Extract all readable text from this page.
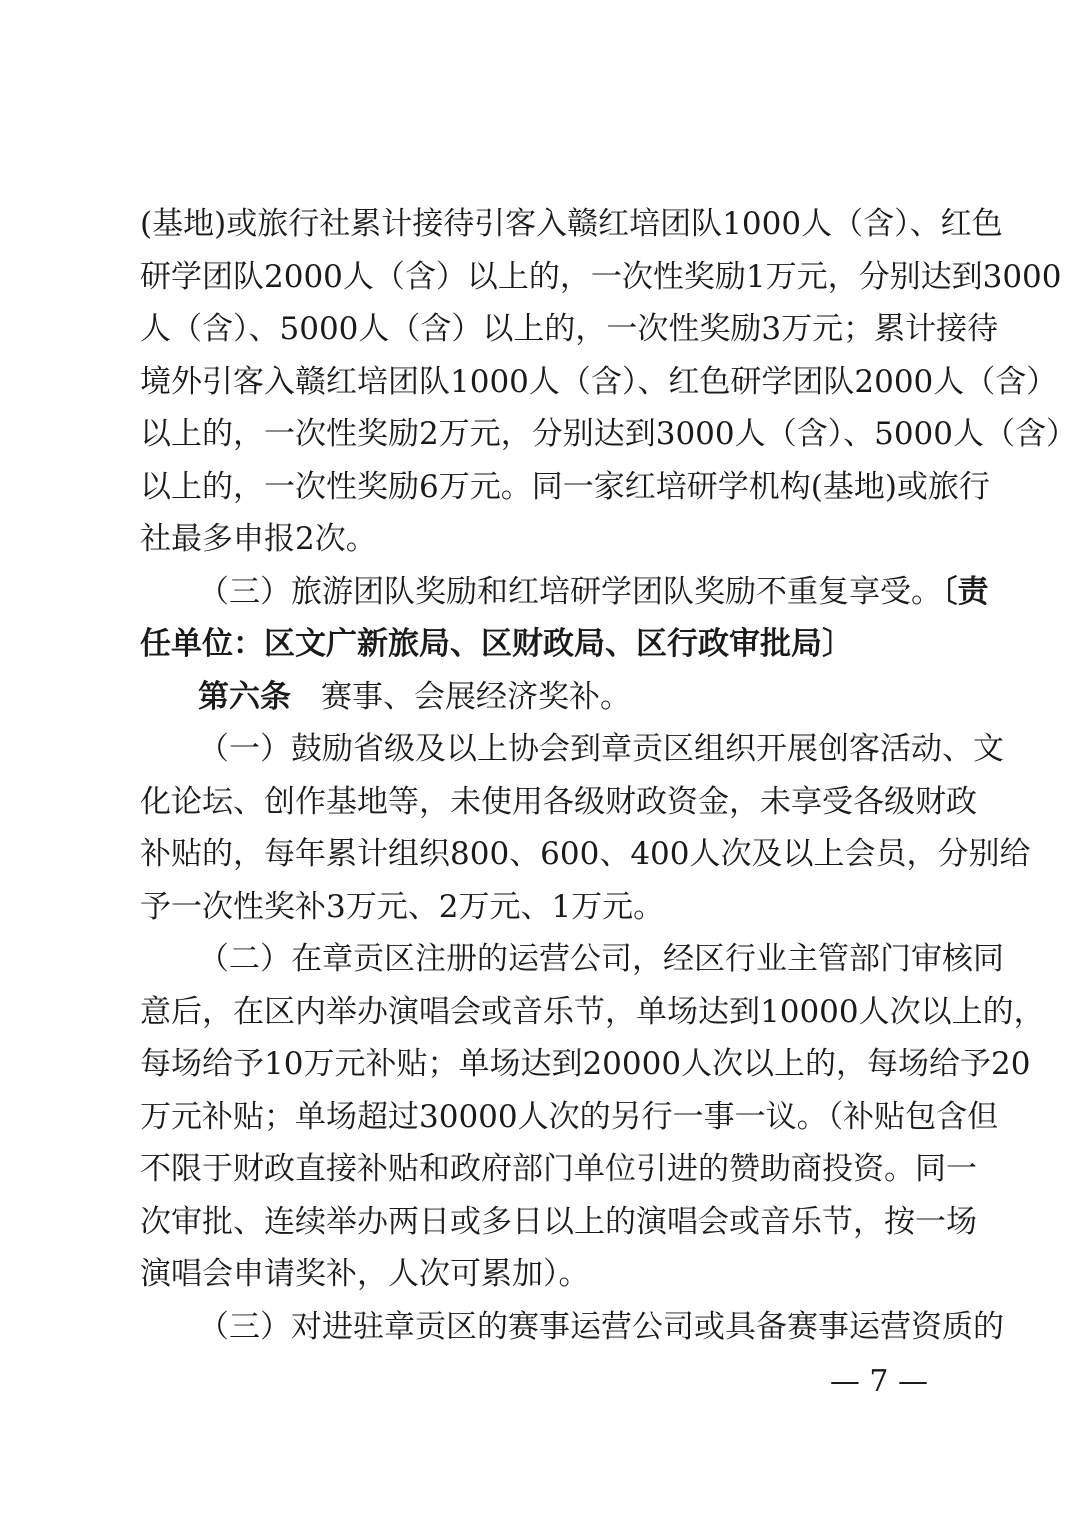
(基地)或旅行社累计接待引客入赣红培团队1000人（含）、红色
研学团队2000人（含）以上的，一次性奖励1万元，分别达到3000
人（含）、5000人（含）以上的，一次性奖励3万元；累计接待
境外引客入赣红培团队1000人（含）、红色研学团队2000人（含）
以上的，一次性奖励2万元，分别达到3000人（含）、5000人（含）
以上的，一次性奖励6万元。同一家红培研学机构(基地)或旅行
社最多申报2次。
（三）旅游团队奖励和红培研学团队奖励不重复享受。〔责
任单位：区文广新旅局、区财政局、区行政审批局〕
第六条 赛事、会展经济奖补。
（一）鼓励省级及以上协会到章贡区组织开展创客活动、文
化论坛、创作基地等，未使用各级财政资金，未享受各级财政
补贴的，每年累计组织800、600、400人次及以上会员，分别给
予一次性奖补3万元、2万元、1万元。
（二）在章贡区注册的运营公司，经区行业主管部门审核同
意后，在区内举办演唱会或音乐节，单场达到10000人次以上的，
每场给予10万元补贴；单场达到20000人次以上的，每场给予20
万元补贴；单场超过30000人次的另行一事一议。（补贴包含但
不限于财政直接补贴和政府部门单位引进的赞助商投资。同一
次审批、连续举办两日或多日以上的演唱会或音乐节，按一场
演唱会申请奖补，人次可累加）。
（三）对进驻章贡区的赛事运营公司或具备赛事运营资质的
— 7 —
